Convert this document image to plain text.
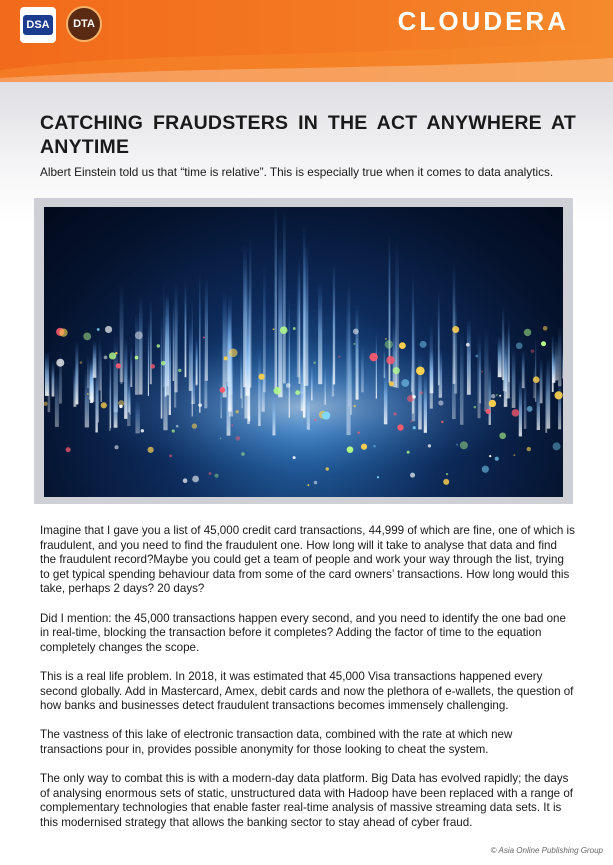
DSA DTA	CLOUDERA
CATCHING FRAUDSTERS IN THE ACT ANYWHERE AT ANYTIME

Albert Einstein told us that “time is relative”. This is especially true when it comes to data analytics.

Imagine that I gave you a list of 45,000 credit card transactions, 44,999 of which are fine, one of which is fraudulent, and you need to find the fraudulent one. How long will it take to analyse that data and find the fraudulent record?Maybe you could get a team of people and work your way through the list, trying to get typical spending behaviour data from some of the card owners’ transactions. How long would this take, perhaps 2 days? 20 days?

Did I mention: the 45,000 transactions happen every second, and you need to identify the one bad one in real-time, blocking the transaction before it completes? Adding the factor of time to the equation completely changes the scope.

This is a real life problem. In 2018, it was estimated that 45,000 Visa transactions happened every second globally. Add in Mastercard, Amex, debit cards and now the plethora of e-wallets, the question of how banks and businesses detect fraudulent transactions becomes immensely challenging.

The vastness of this lake of electronic transaction data, combined with the rate at which new transactions pour in, provides possible anonymity for those looking to cheat the system.

The only way to combat this is with a modern-day data platform. Big Data has evolved rapidly; the days of analysing enormous sets of static, unstructured data with Hadoop have been replaced with a range of complementary technologies that enable faster real-time analysis of massive streaming data sets. It is this modernised strategy that allows the banking sector to stay ahead of cyber fraud.

© Asia Online Publishing Group
